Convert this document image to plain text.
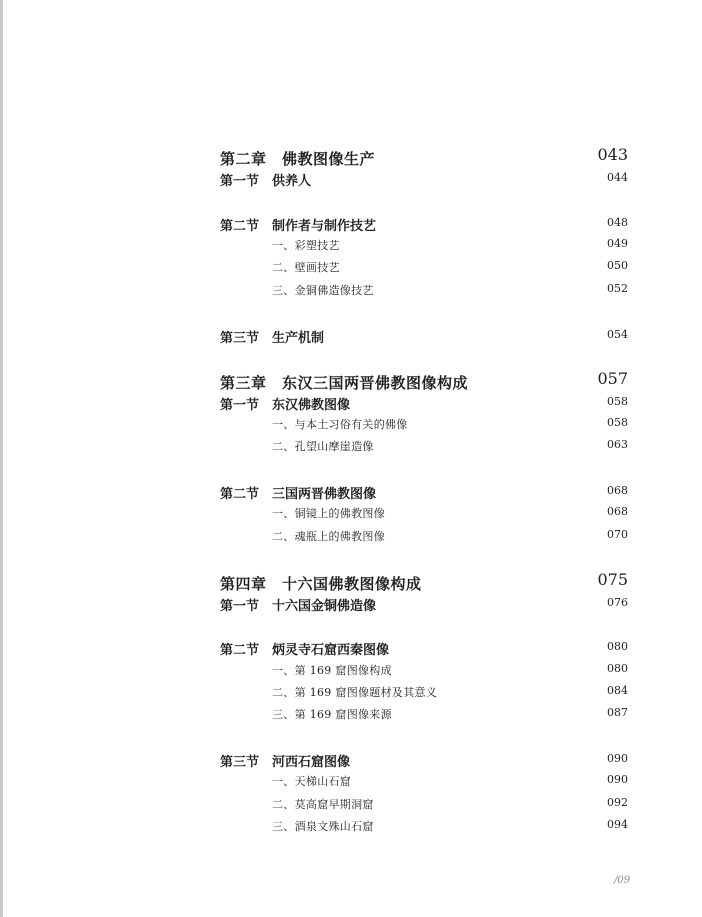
第二章　佛教图像生产	043
第一节　供养人	044
第二节　制作者与制作技艺	048
一、彩塑技艺	049
二、壁画技艺	050
三、金铜佛造像技艺	052
第三节　生产机制	054
第三章　东汉三国两晋佛教图像构成	057
第一节　东汉佛教图像	058
一、与本土习俗有关的佛像	058
二、孔望山摩崖造像	063
第二节　三国两晋佛教图像	068
一、铜镜上的佛教图像	068
二、魂瓶上的佛教图像	070
第四章　十六国佛教图像构成	075
第一节　十六国金铜佛造像	076
第二节　炳灵寺石窟西秦图像	080
一、第 169 窟图像构成	080
二、第 169 窟图像题材及其意义	084
三、第 169 窟图像来源	087
第三节　河西石窟图像	090
一、天梯山石窟	090
二、莫高窟早期洞窟	092
三、酒泉文殊山石窟	094
/09
